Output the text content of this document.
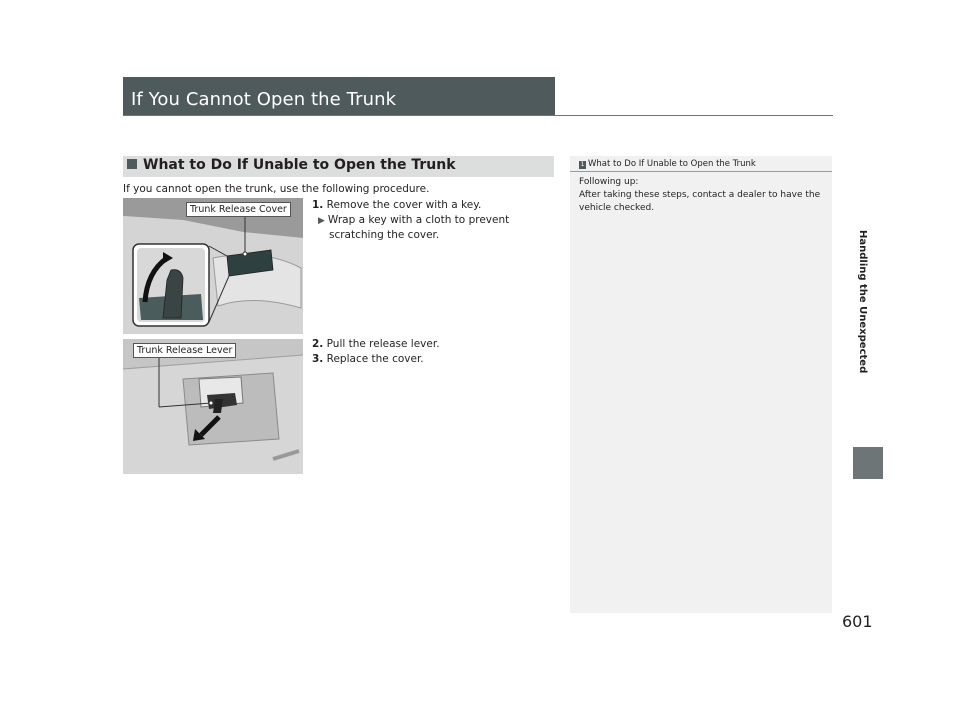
If You Cannot Open the Trunk
What to Do If Unable to Open the Trunk
If you cannot open the trunk, use the following procedure.
Trunk Release Cover
Trunk Release Lever
1. Remove the cover with a key.
▶ Wrap a key with a cloth to prevent
scratching the cover.
2. Pull the release lever.
3. Replace the cover.
1 What to Do If Unable to Open the Trunk
Following up:
After taking these steps, contact a dealer to have the
vehicle checked.
Handling the Unexpected
601
